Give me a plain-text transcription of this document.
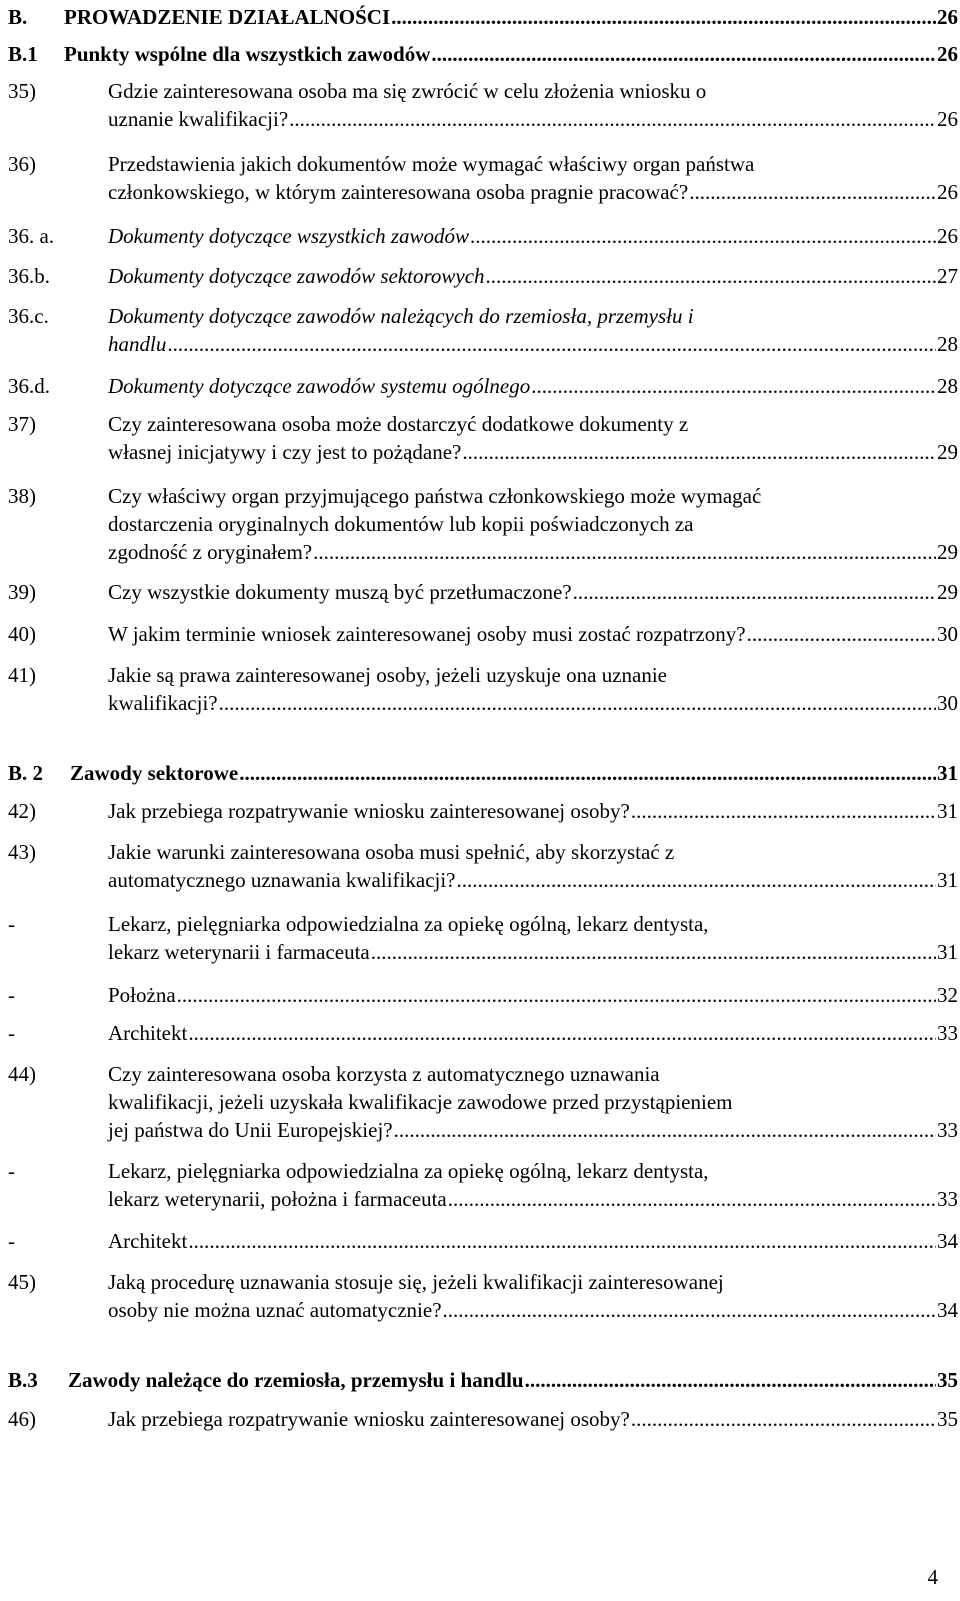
B. PROWADZENIE DZIAŁALNOŚCI .....	26
B.1 Punkty wspólne dla wszystkich zawodów .....	26
35)	Gdzie zainteresowana osoba ma się zwrócić w celu złożenia wniosku o
uznanie kwalifikacji? .....	26
36)	Przedstawienia jakich dokumentów może wymagać właściwy organ państwa
członkowskiego, w którym zainteresowana osoba pragnie pracować? .....	26
36. a.	Dokumenty dotyczące wszystkich zawodów .....	26
36.b.	Dokumenty dotyczące zawodów sektorowych .....	27
36.c.	Dokumenty dotyczące zawodów należących do rzemiosła, przemysłu i
handlu .....	28
36.d.	Dokumenty dotyczące zawodów systemu ogólnego .....	28
37)	Czy zainteresowana osoba może dostarczyć dodatkowe dokumenty z
własnej inicjatywy i czy jest to pożądane? .....	29
38)	Czy właściwy organ przyjmującego państwa członkowskiego może wymagać
dostarczenia oryginalnych dokumentów lub kopii poświadczonych za
zgodność z oryginałem? .....	29
39)	Czy wszystkie dokumenty muszą być przetłumaczone? .....	29
40)	W jakim terminie wniosek zainteresowanej osoby musi zostać rozpatrzony? .....	30
41)	Jakie są prawa zainteresowanej osoby, jeżeli uzyskuje ona uznanie
kwalifikacji? .....	30
B. 2 Zawody sektorowe .....	31
42)	Jak przebiega rozpatrywanie wniosku zainteresowanej osoby? .....	31
43)	Jakie warunki zainteresowana osoba musi spełnić, aby skorzystać z
automatycznego uznawania kwalifikacji? .....	31
-	Lekarz, pielęgniarka odpowiedzialna za opiekę ogólną, lekarz dentysta,
lekarz weterynarii i farmaceuta .....	31
-	Położna .....	32
-	Architekt .....	33
44)	Czy zainteresowana osoba korzysta z automatycznego uznawania
kwalifikacji, jeżeli uzyskała kwalifikacje zawodowe przed przystąpieniem
jej państwa do Unii Europejskiej? .....	33
-	Lekarz, pielęgniarka odpowiedzialna za opiekę ogólną, lekarz dentysta,
lekarz weterynarii, położna i farmaceuta .....	33
-	Architekt .....	34
45)	Jaką procedurę uznawania stosuje się, jeżeli kwalifikacji zainteresowanej
osoby nie można uznać automatycznie? .....	34
B.3 Zawody należące do rzemiosła, przemysłu i handlu .....	35
46)	Jak przebiega rozpatrywanie wniosku zainteresowanej osoby? .....	35
4
